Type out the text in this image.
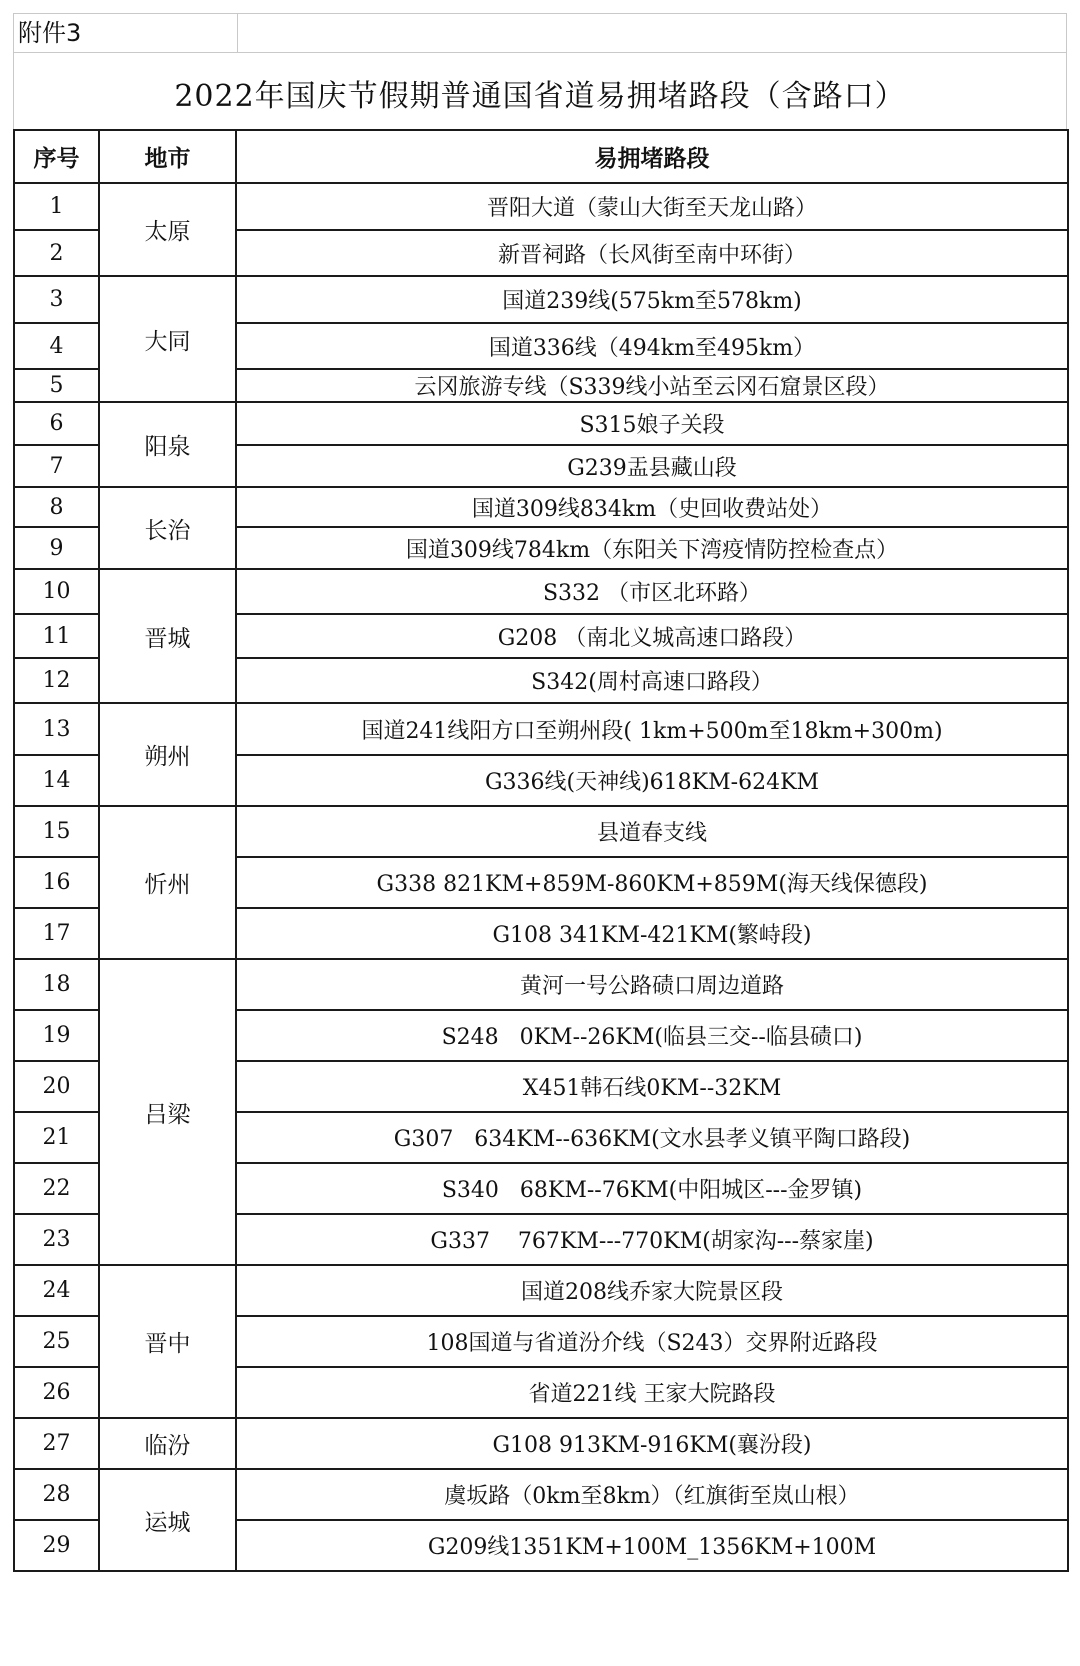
附件3
2022年国庆节假期普通国省道易拥堵路段（含路口）
序号	地市	易拥堵路段
1	太原	晋阳大道（蒙山大街至天龙山路）
2		新晋祠路（长风街至南中环街）
3	大同	国道239线(575km至578km)
4		国道336线（494km至495km）
5		云冈旅游专线（S339线小站至云冈石窟景区段）
6	阳泉	S315娘子关段
7		G239盂县藏山段
8	长治	国道309线834km（史回收费站处）
9		国道309线784km（东阳关下湾疫情防控检查点）
10	晋城	S332 （市区北环路）
11		G208 （南北义城高速口路段）
12		S342(周村高速口路段）
13	朔州	国道241线阳方口至朔州段( 1km+500m至18km+300m)
14		G336线(天神线)618KM-624KM
15	忻州	县道春支线
16		G338 821KM+859M-860KM+859M(海天线保德段)
17		G108 341KM-421KM(繁峙段)
18	吕梁	黄河一号公路碛口周边道路
19		S248   0KM--26KM(临县三交--临县碛口)
20		X451韩石线0KM--32KM
21		G307   634KM--636KM(文水县孝义镇平陶口路段)
22		S340   68KM--76KM(中阳城区---金罗镇)
23		G337    767KM---770KM(胡家沟---蔡家崖)
24	晋中	国道208线乔家大院景区段
25		108国道与省道汾介线（S243）交界附近路段
26		省道221线 王家大院路段
27	临汾	G108 913KM-916KM(襄汾段)
28	运城	虞坂路（0km至8km）（红旗街至岚山根）
29		G209线1351KM+100M_1356KM+100M
